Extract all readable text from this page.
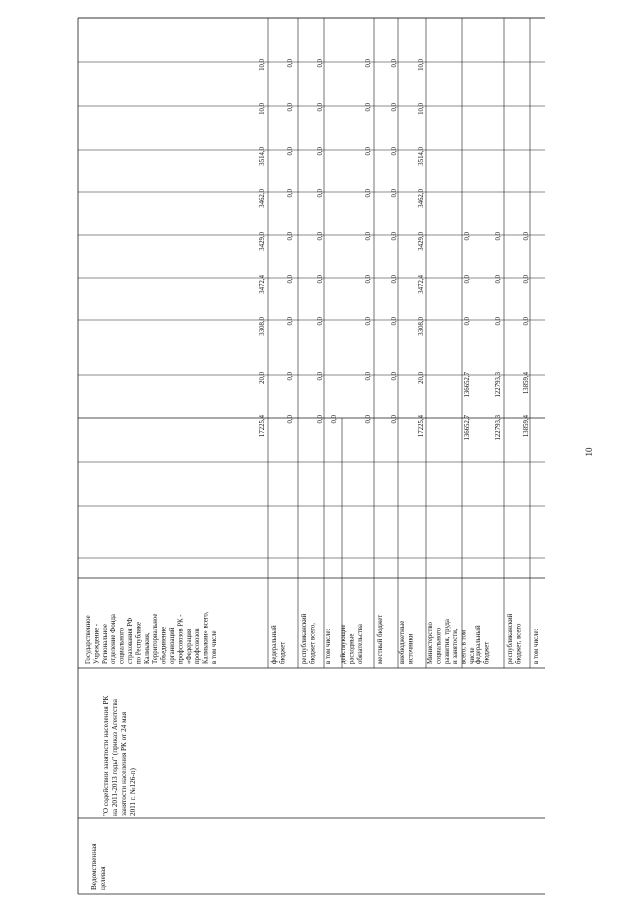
10
ГосударственноеУчреждение -Региональноеотделение Фондасоциальногострахования РФпо РеспубликеКалмыкия,Территориальноеобъединениеорганизацийпрофсоюзов РК -«ФедерацияпрофсоюзовКалмыкии» всего,в том числе
17225,4
20,0
3308,0
3472,4
3429,0
3462,0
3514,0
10,0
10,0
федеральныйбюджет
0,0
0,0
0,0
0,0
0,0
0,0
0,0
0,0
0,0
республиканскийбюджет всего,
0,0
0,0
0,0
0,0
0,0
0,0
0,0
0,0
0,0
в том числе:
0,0
действующиерасходныеобязательства
0,0
0,0
0,0
0,0
0,0
0,0
0,0
0,0
0,0
местный бюджет
0,0
0,0
0,0
0,0
0,0
0,0
0,0
0,0
0,0
внебюджетныеисточники
17225,4
20,0
3308,0
3472,4
3429,0
3462,0
3514,0
10,0
10,0
Министерствосоциальногоразвития, трудаи занятости,всего, в томчисле
136652,7
136652,7
0,0
0,0
0,0
федеральныйбюджет
122793,3
122793,3
0,0
0,0
0,0
республиканскийбюджет, всего
13859,4
13859,4
0,0
0,0
0,0
в том числе:
Ведомственная целевая
"О содействии занятости населения РК на 2011-2013 годы" (приказ Агентства занятости населения РК от 24 мая 2011 г. №126-п)
